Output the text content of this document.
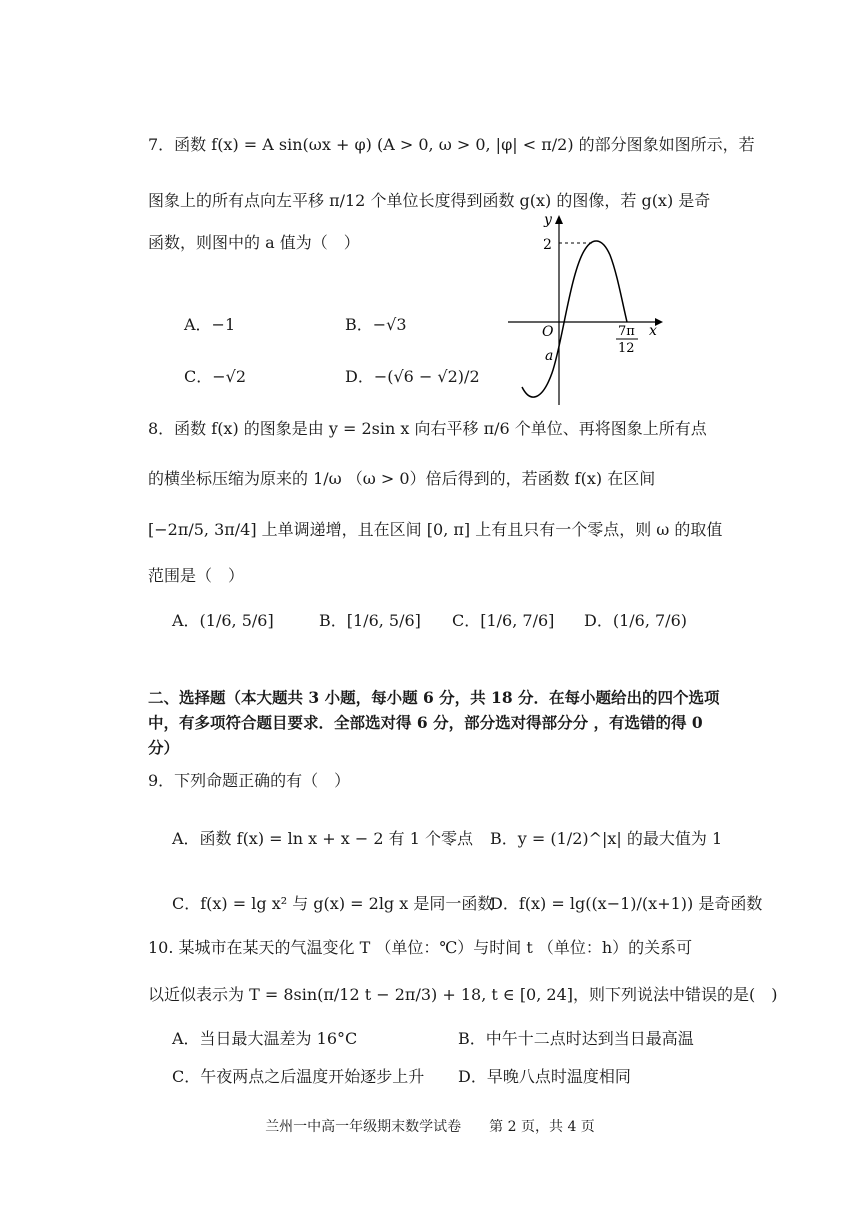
7．函数 f(x) = A sin(ωx + φ) (A > 0, ω > 0, |φ| < π/2) 的部分图象如图所示，若
图象上的所有点向左平移 π/12 个单位长度得到函数 g(x) 的图像，若 g(x) 是奇
函数，则图中的 a 值为（　）
y
x
O
2
a
7π
12
A．−1	B．−√3
C．−√2	D．−(√6 − √2)/2
8．函数 f(x) 的图象是由 y = 2sin x 向右平移 π/6 个单位、再将图象上所有点
的横坐标压缩为原来的 1/ω （ω > 0）倍后得到的，若函数 f(x) 在区间
[−2π/5, 3π/4] 上单调递增，且在区间 [0, π] 上有且只有一个零点，则 ω 的取值
范围是（　）
A．(1/6, 5/6]	B．[1/6, 5/6] C．[1/6, 7/6] D．(1/6, 7/6)
二、选择题（本大题共 3 小题，每小题 6 分，共 18 分．在每小题给出的四个选项中，有多项符合题目要求．全部选对得 6 分，部分选对得部分分 ，有选错的得 0 分）
9．下列命题正确的有（　）
A．函数 f(x) = ln x + x − 2 有 1 个零点 B．y = (1/2)^|x| 的最大值为 1
C．f(x) = lg x² 与 g(x) = 2lg x 是同一函数
D．f(x) = lg((x−1)/(x+1)) 是奇函数
10. 某城市在某天的气温变化 T （单位：℃）与时间 t （单位：h）的关系可
以近似表示为 T = 8sin(π/12 t − 2π/3) + 18, t ∈ [0, 24]，则下列说法中错误的是(　)
A．当日最大温差为 16°C	B．中午十二点时达到当日最高温
C．午夜两点之后温度开始逐步上升 D．早晚八点时温度相同
兰州一中高一年级期末数学试卷　　第 2 页，共 4 页
